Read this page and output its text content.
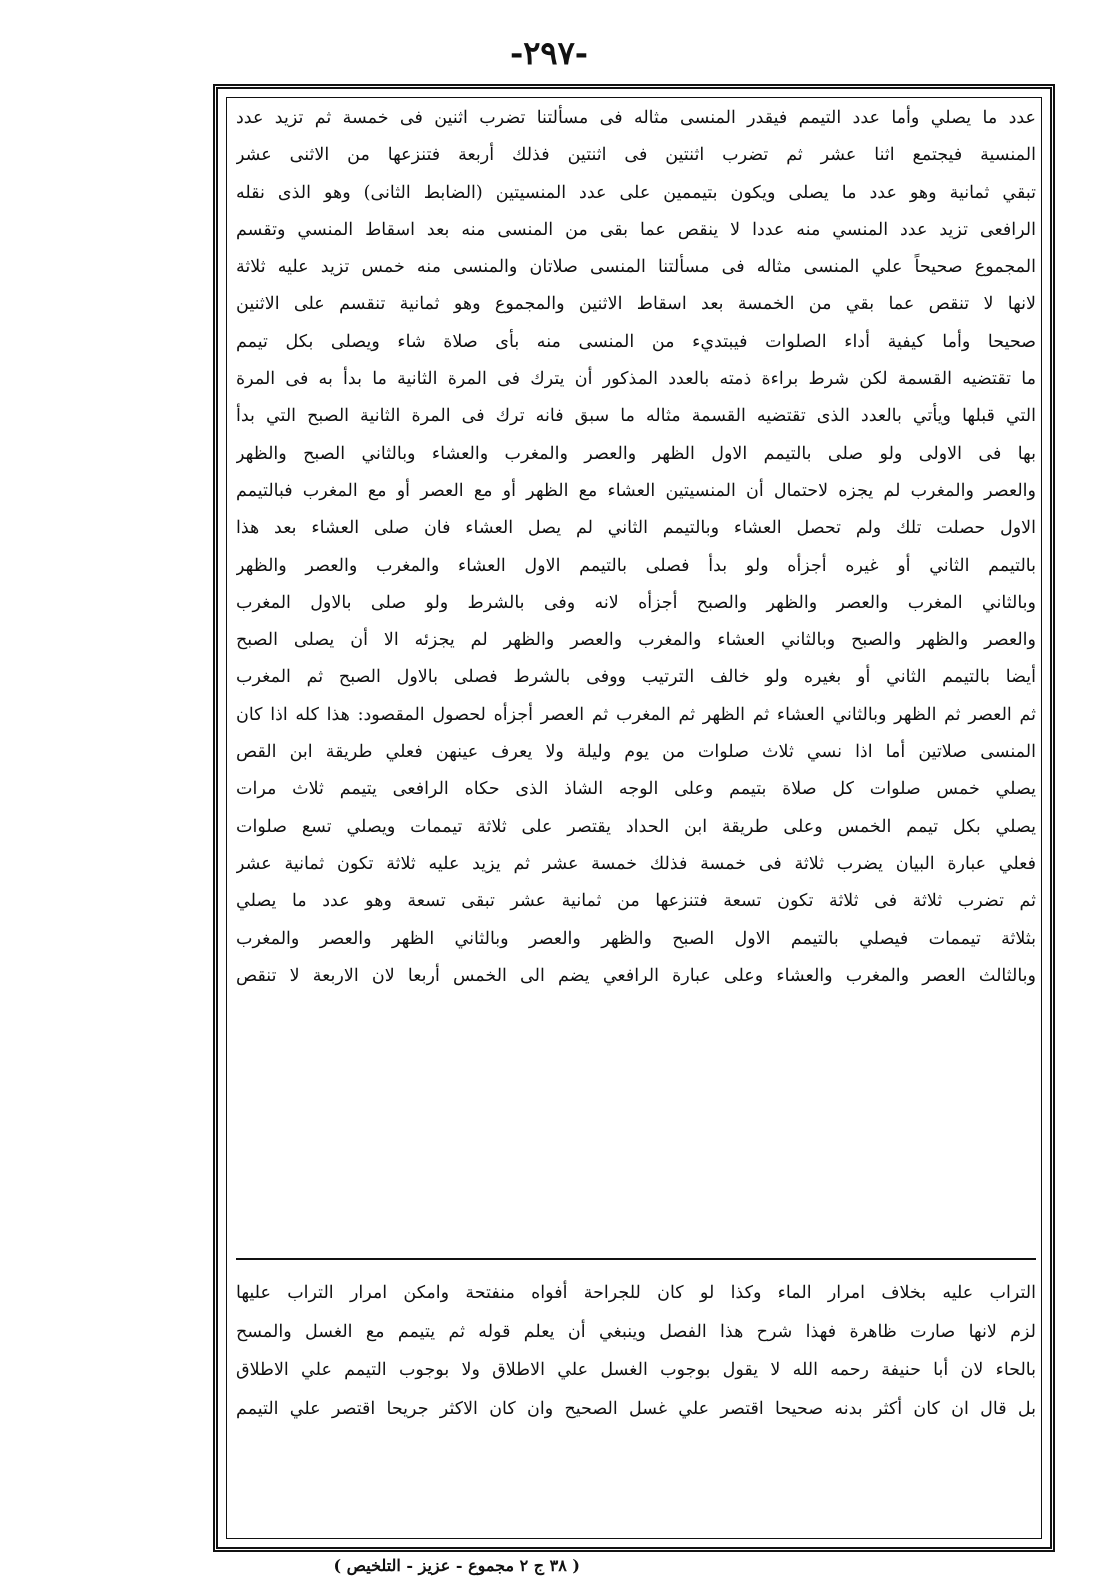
-٢٩٧-
عدد ما يصلي وأما عدد التيمم فيقدر المنسى مثاله فى مسألتنا تضرب اثنين فى خمسة ثم تزيد عدد
المنسية فيجتمع اثنا عشر ثم تضرب اثنتين فى اثنتين فذلك أربعة فتنزعها من الاثنى عشر
تبقي ثمانية وهو عدد ما يصلى ويكون بتيممين على عدد المنسيتين (الضابط الثانى) وهو الذى نقله
الرافعى تزيد عدد المنسي منه عددا لا ينقص عما بقى من المنسى منه بعد اسقاط المنسي وتقسم
المجموع صحيحاً علي المنسى مثاله فى مسألتنا المنسى صلاتان والمنسى منه خمس تزيد عليه ثلاثة
لانها لا تنقص عما بقي من الخمسة بعد اسقاط الاثنين والمجموع وهو ثمانية تنقسم على الاثنين
صحيحا وأما كيفية أداء الصلوات فيبتديء من المنسى منه بأى صلاة شاء ويصلى بكل تيمم
ما تقتضيه القسمة لكن شرط براءة ذمته بالعدد المذكور أن يترك فى المرة الثانية ما بدأ به فى المرة
التي قبلها ويأتي بالعدد الذى تقتضيه القسمة مثاله ما سبق فانه ترك فى المرة الثانية الصبح التي بدأ
بها فى الاولى ولو صلى بالتيمم الاول الظهر والعصر والمغرب والعشاء وبالثاني الصبح والظهر
والعصر والمغرب لم يجزه لاحتمال أن المنسيتين العشاء مع الظهر أو مع العصر أو مع المغرب فبالتيمم
الاول حصلت تلك ولم تحصل العشاء وبالتيمم الثاني لم يصل العشاء فان صلى العشاء بعد هذا
بالتيمم الثاني أو غيره أجزأه ولو بدأ فصلى بالتيمم الاول العشاء والمغرب والعصر والظهر
وبالثاني المغرب والعصر والظهر والصبح أجزأه لانه وفى بالشرط ولو صلى بالاول المغرب
والعصر والظهر والصبح وبالثاني العشاء والمغرب والعصر والظهر لم يجزئه الا أن يصلى الصبح
أيضا بالتيمم الثاني أو بغيره ولو خالف الترتيب ووفى بالشرط فصلى بالاول الصبح ثم المغرب
ثم العصر ثم الظهر وبالثاني العشاء ثم الظهر ثم المغرب ثم العصر أجزأه لحصول المقصود: هذا كله اذا كان
المنسى صلاتين أما اذا نسي ثلاث صلوات من يوم وليلة ولا يعرف عينهن فعلي طريقة ابن القص
يصلي خمس صلوات كل صلاة بتيمم وعلى الوجه الشاذ الذى حكاه الرافعى يتيمم ثلاث مرات
يصلي بكل تيمم الخمس وعلى طريقة ابن الحداد يقتصر على ثلاثة تيممات ويصلي تسع صلوات
فعلي عبارة البيان يضرب ثلاثة فى خمسة فذلك خمسة عشر ثم يزيد عليه ثلاثة تكون ثمانية عشر
ثم تضرب ثلاثة فى ثلاثة تكون تسعة فتنزعها من ثمانية عشر تبقى تسعة وهو عدد ما يصلي
بثلاثة تيممات فيصلي بالتيمم الاول الصبح والظهر والعصر وبالثاني الظهر والعصر والمغرب
وبالثالث العصر والمغرب والعشاء وعلى عبارة الرافعي يضم الى الخمس أربعا لان الاربعة لا تنقص
التراب عليه بخلاف امرار الماء وكذا لو كان للجراحة أفواه منفتحة وامكن امرار التراب عليها
لزم لانها صارت ظاهرة فهذا شرح هذا الفصل وينبغي أن يعلم قوله ثم يتيمم مع الغسل والمسح
بالحاء لان أبا حنيفة رحمه الله لا يقول بوجوب الغسل علي الاطلاق ولا بوجوب التيمم علي الاطلاق
بل قال ان كان أكثر بدنه صحيحا اقتصر علي غسل الصحيح وان كان الاكثر جريحا اقتصر علي التيمم
( ٣٨ ج ٢ مجموع - عزيز - التلخيص )
